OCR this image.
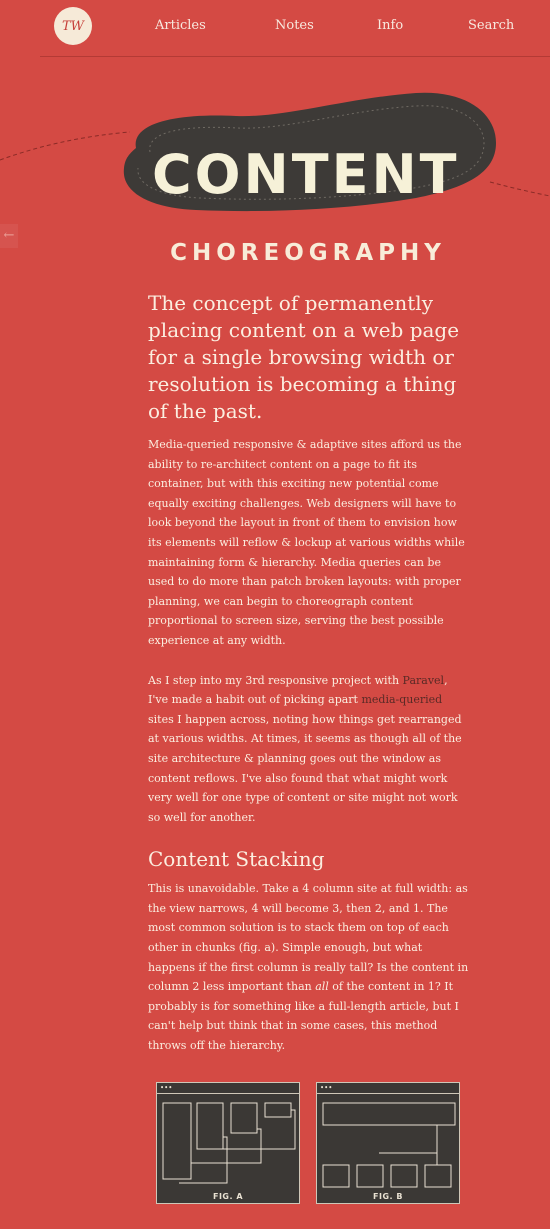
TW	Articles	Notes	Info	Search
CONTENT
CHOREOGRAPHY
←

The concept of permanently placing content on a web page for a single browsing width or resolution is becoming a thing of the past.

Media-queried responsive & adaptive sites afford us the ability to re-architect content on a page to fit its container, but with this exciting new potential come equally exciting challenges. Web designers will have to look beyond the layout in front of them to envision how its elements will reflow & lockup at various widths while maintaining form & hierarchy. Media queries can be used to do more than patch broken layouts: with proper planning, we can begin to choreograph content proportional to screen size, serving the best possible experience at any width.

As I step into my 3rd responsive project with Paravel, I've made a habit out of picking apart media-queried sites I happen across, noting how things get rearranged at various widths. At times, it seems as though all of the site architecture & planning goes out the window as content reflows. I've also found that what might work very well for one type of content or site might not work so well for another.

Content Stacking

This is unavoidable. Take a 4 column site at full width: as the view narrows, 4 will become 3, then 2, and 1. The most common solution is to stack them on top of each other in chunks (fig. a). Simple enough, but what happens if the first column is really tall? Is the content in column 2 less important than all of the content in 1? It probably is for something like a full-length article, but I can't help but think that in some cases, this method throws off the hierarchy.

•••
FIG. A
•••
FIG. B
